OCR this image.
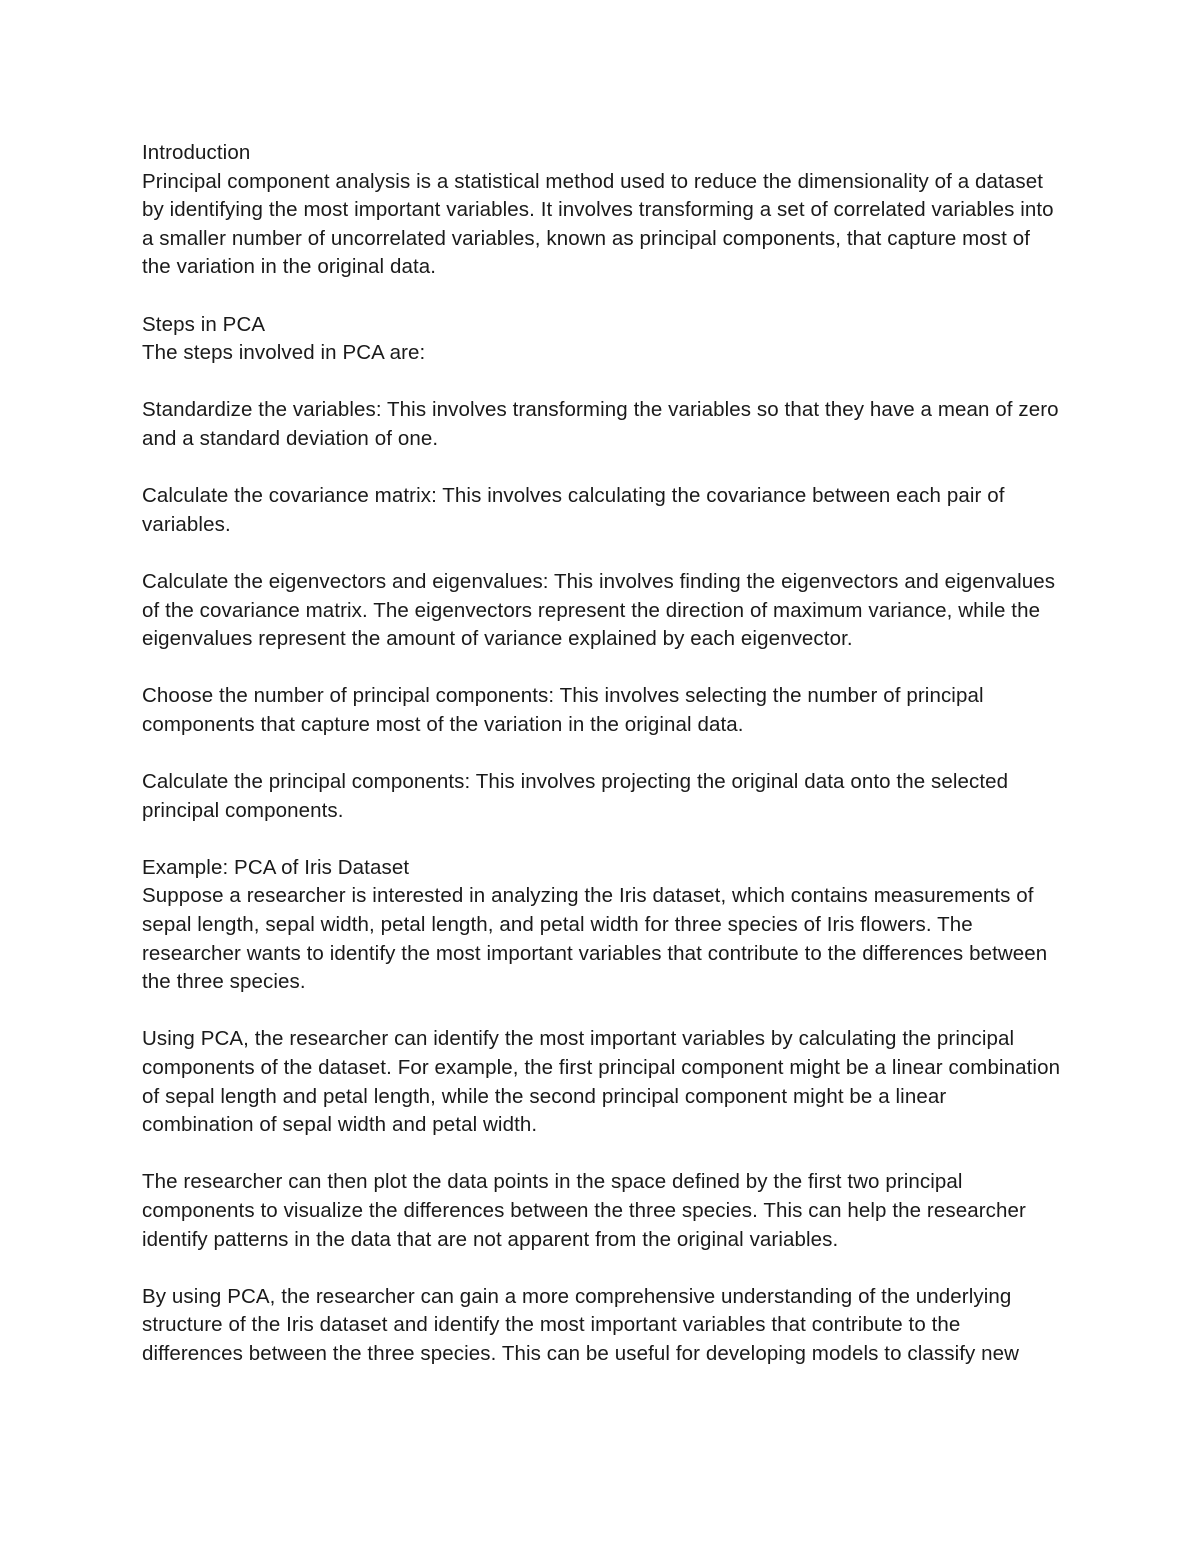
Introduction

Principal component analysis is a statistical method used to reduce the dimensionality of a dataset by identifying the most important variables. It involves transforming a set of correlated variables into a smaller number of uncorrelated variables, known as principal components, that capture most of the variation in the original data.

Steps in PCA

The steps involved in PCA are:

Standardize the variables: This involves transforming the variables so that they have a mean of zero and a standard deviation of one.

Calculate the covariance matrix: This involves calculating the covariance between each pair of variables.

Calculate the eigenvectors and eigenvalues: This involves finding the eigenvectors and eigenvalues of the covariance matrix. The eigenvectors represent the direction of maximum variance, while the eigenvalues represent the amount of variance explained by each eigenvector.

Choose the number of principal components: This involves selecting the number of principal components that capture most of the variation in the original data.

Calculate the principal components: This involves projecting the original data onto the selected principal components.

Example: PCA of Iris Dataset

Suppose a researcher is interested in analyzing the Iris dataset, which contains measurements of sepal length, sepal width, petal length, and petal width for three species of Iris flowers. The researcher wants to identify the most important variables that contribute to the differences between the three species.

Using PCA, the researcher can identify the most important variables by calculating the principal components of the dataset. For example, the first principal component might be a linear combination of sepal length and petal length, while the second principal component might be a linear combination of sepal width and petal width.

The researcher can then plot the data points in the space defined by the first two principal components to visualize the differences between the three species. This can help the researcher identify patterns in the data that are not apparent from the original variables.

By using PCA, the researcher can gain a more comprehensive understanding of the underlying structure of the Iris dataset and identify the most important variables that contribute to the differences between the three species. This can be useful for developing models to classify new
